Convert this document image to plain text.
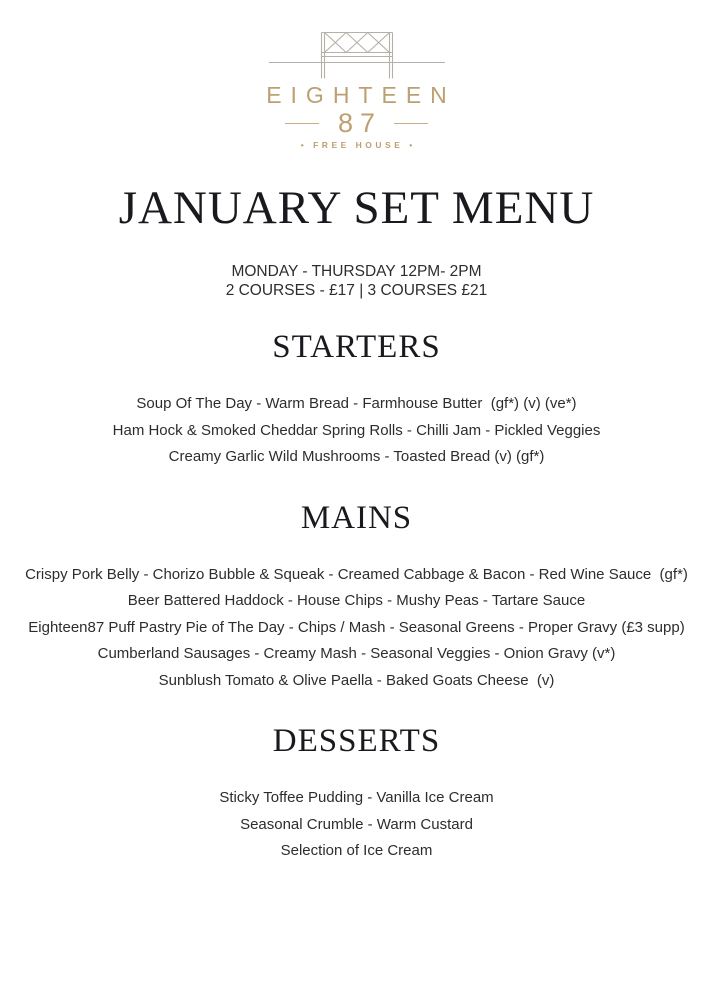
EIGHTEEN
87
• FREE HOUSE •
JANUARY SET MENU
MONDAY - THURSDAY 12PM- 2PM
2 COURSES - £17 | 3 COURSES £21
STARTERS
Soup Of The Day - Warm Bread - Farmhouse Butter  (gf*) (v) (ve*)
Ham Hock & Smoked Cheddar Spring Rolls - Chilli Jam - Pickled Veggies
Creamy Garlic Wild Mushrooms - Toasted Bread (v) (gf*)
MAINS
Crispy Pork Belly - Chorizo Bubble & Squeak - Creamed Cabbage & Bacon - Red Wine Sauce  (gf*)
Beer Battered Haddock - House Chips - Mushy Peas - Tartare Sauce
Eighteen87 Puff Pastry Pie of The Day - Chips / Mash - Seasonal Greens - Proper Gravy (£3 supp)
Cumberland Sausages - Creamy Mash - Seasonal Veggies - Onion Gravy (v*)
Sunblush Tomato & Olive Paella - Baked Goats Cheese  (v)
DESSERTS
Sticky Toffee Pudding - Vanilla Ice Cream
Seasonal Crumble - Warm Custard
Selection of Ice Cream
